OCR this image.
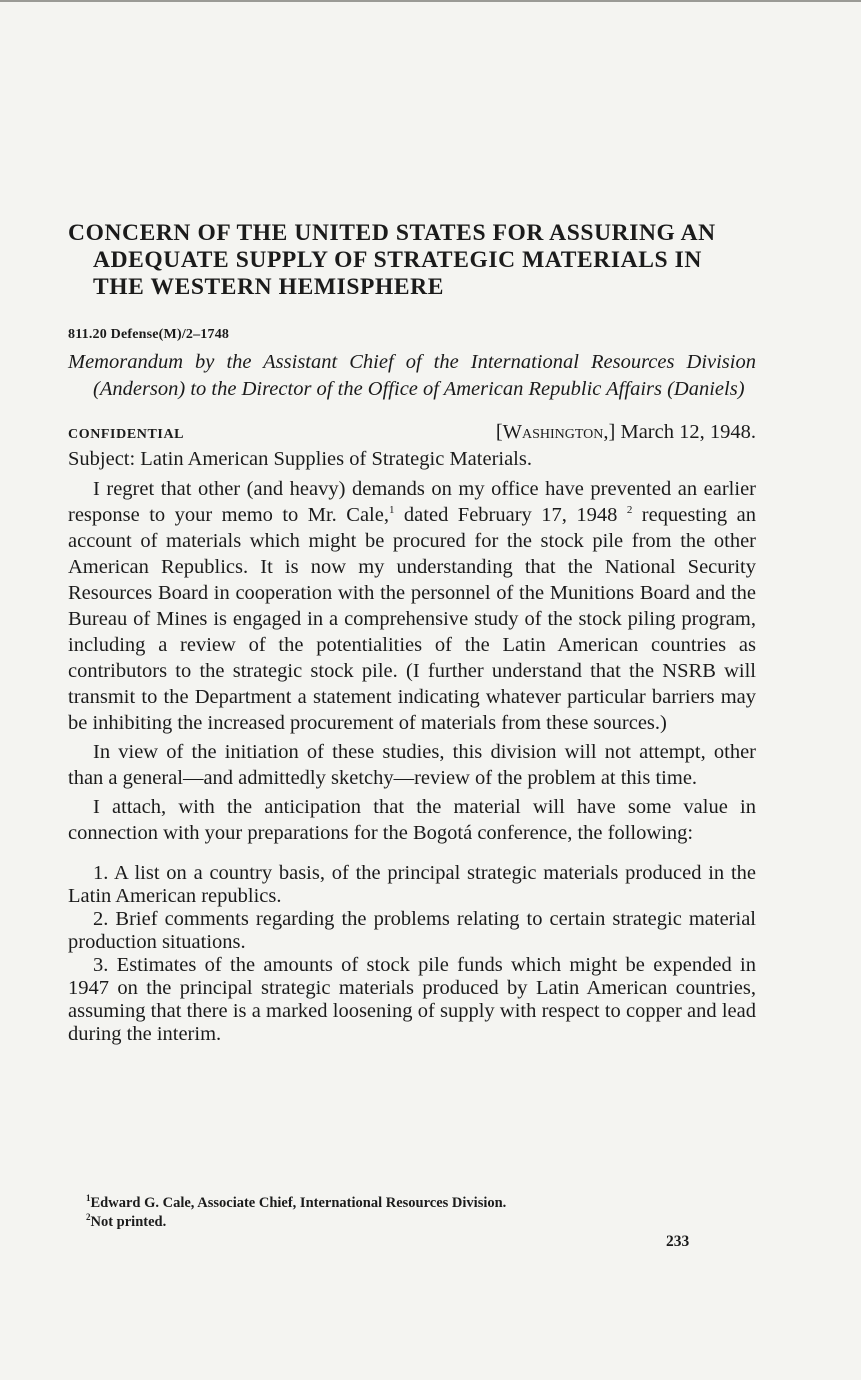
CONCERN OF THE UNITED STATES FOR ASSURING AN
ADEQUATE SUPPLY OF STRATEGIC MATERIALS IN
THE WESTERN HEMISPHERE
811.20 Defense(M)/2–1748
Memorandum by the Assistant Chief of the International Resources Division (Anderson) to the Director of the Office of American Republic Affairs (Daniels)
CONFIDENTIAL	[Washington,] March 12, 1948.
Subject: Latin American Supplies of Strategic Materials.

I regret that other (and heavy) demands on my office have prevented an earlier response to your memo to Mr. Cale,$^1$ dated February 17, 1948 $^2$ requesting an account of materials which might be procured for the stock pile from the other American Republics. It is now my understanding that the National Security Resources Board in cooperation with the personnel of the Munitions Board and the Bureau of Mines is engaged in a comprehensive study of the stock piling program, including a review of the potentialities of the Latin American countries as contributors to the strategic stock pile. (I further understand that the NSRB will transmit to the Department a statement indicating whatever particular barriers may be inhibiting the increased procurement of materials from these sources.)

In view of the initiation of these studies, this division will not attempt, other than a general—and admittedly sketchy—review of the problem at this time.

I attach, with the anticipation that the material will have some value in connection with your preparations for the Bogotá conference, the following:

1. A list on a country basis, of the principal strategic materials produced in the Latin American republics.

2. Brief comments regarding the problems relating to certain strategic material production situations.

3. Estimates of the amounts of stock pile funds which might be expended in 1947 on the principal strategic materials produced by Latin American countries, assuming that there is a marked loosening of supply with respect to copper and lead during the interim.

$^1$Edward G. Cale, Associate Chief, International Resources Division.
$^2$Not printed.
233
